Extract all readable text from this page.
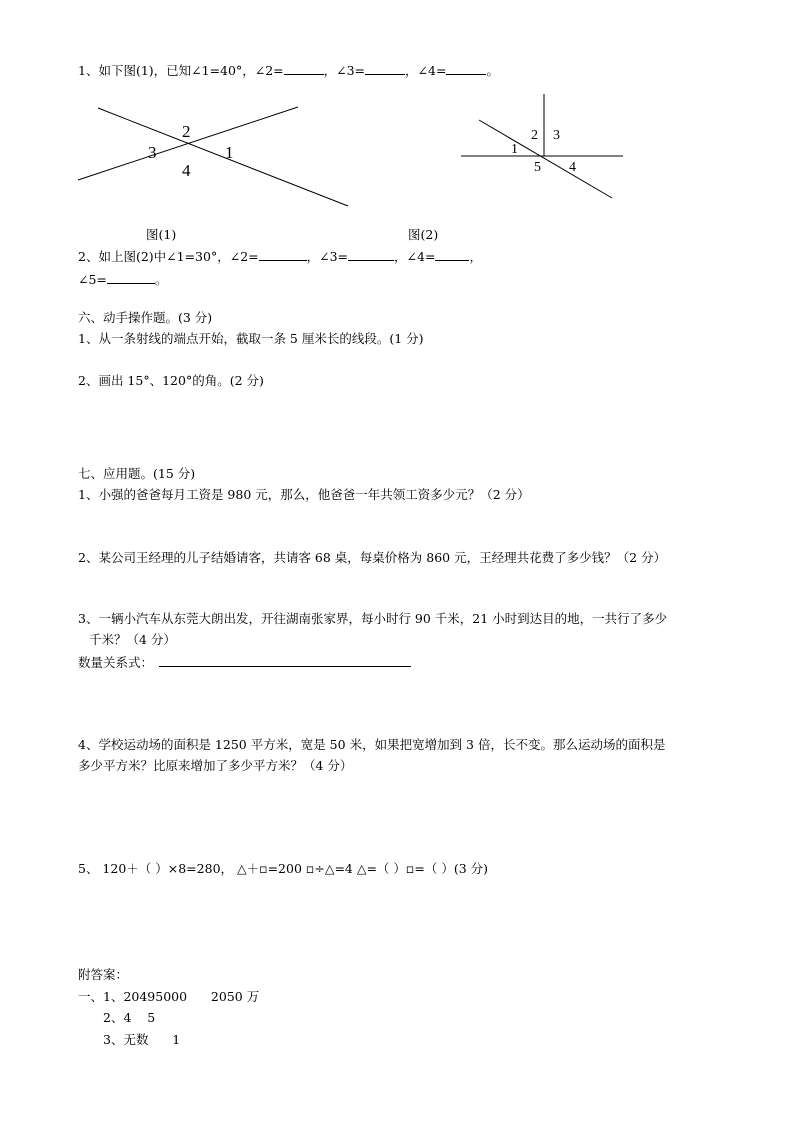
1、如下图(1)，已知∠1=40°，∠2=	，∠3=	，∠4=	。
2
3	1
4
2 3
1
5 4
图(1)	图(2)
2、如上图(2)中∠1=30°，∠2=	，∠3=	，∠4=	，
∠5=	。
六、动手操作题。(3 分)
1、从一条射线的端点开始，截取一条 5 厘米长的线段。(1 分)
2、画出 15°、120°的角。(2 分)
七、应用题。(15 分)
1、小强的爸爸每月工资是 980 元，那么，他爸爸一年共领工资多少元？（2 分）
2、某公司王经理的儿子结婚请客，共请客 68 桌，每桌价格为 860 元，王经理共花费了多少钱？（2 分）
3、一辆小汽车从东莞大朗出发，开往湖南张家界，每小时行 90 千米，21 小时到达目的地，一共行了多少
千米？（4 分）
数量关系式：
4、学校运动场的面积是 1250 平方米，宽是 50 米，如果把宽增加到 3 倍，长不变。那么运动场的面积是
多少平方米？比原来增加了多少平方米？（4 分）
5、 120＋（ ）×8=280， △＋▫=200 ▫÷△=4 △=（ ）▫=（ ）(3 分)
附答案：
一、1、20495000      2050 万
2、4    5
3、无数      1
